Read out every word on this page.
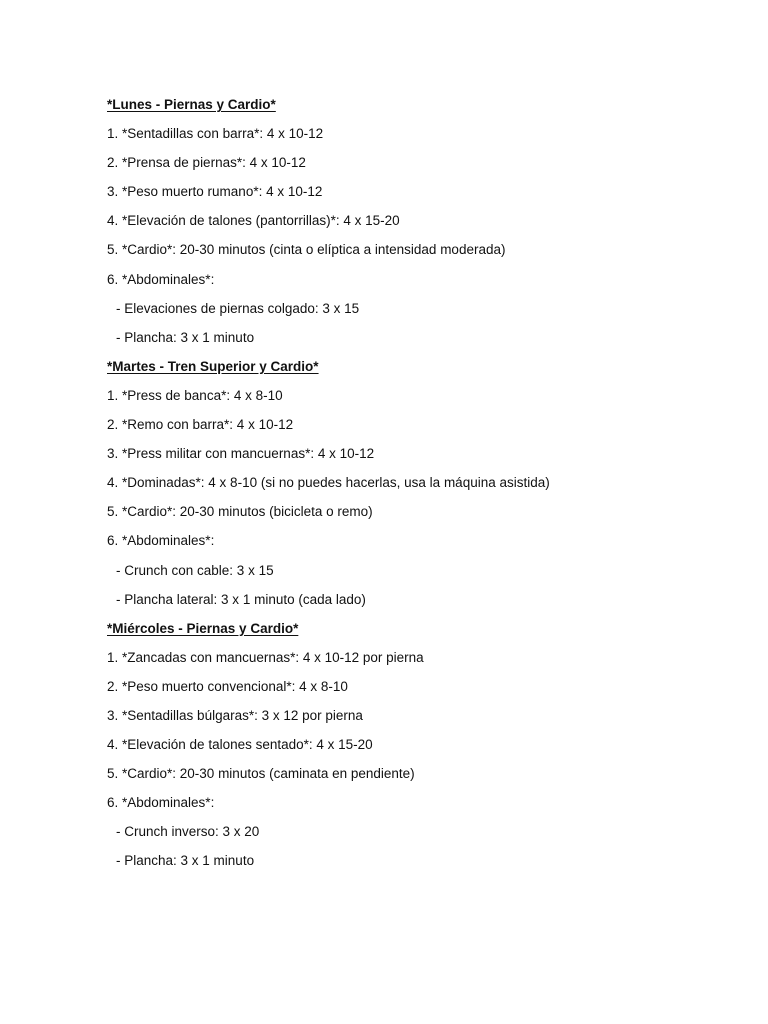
*Lunes - Piernas y Cardio*
1. *Sentadillas con barra*: 4 x 10-12
2. *Prensa de piernas*: 4 x 10-12
3. *Peso muerto rumano*: 4 x 10-12
4. *Elevación de talones (pantorrillas)*: 4 x 15-20
5. *Cardio*: 20-30 minutos (cinta o elíptica a intensidad moderada)
6. *Abdominales*:
- Elevaciones de piernas colgado: 3 x 15
- Plancha: 3 x 1 minuto
*Martes - Tren Superior y Cardio*
1. *Press de banca*: 4 x 8-10
2. *Remo con barra*: 4 x 10-12
3. *Press militar con mancuernas*: 4 x 10-12
4. *Dominadas*: 4 x 8-10 (si no puedes hacerlas, usa la máquina asistida)
5. *Cardio*: 20-30 minutos (bicicleta o remo)
6. *Abdominales*:
- Crunch con cable: 3 x 15
- Plancha lateral: 3 x 1 minuto (cada lado)
*Miércoles - Piernas y Cardio*
1. *Zancadas con mancuernas*: 4 x 10-12 por pierna
2. *Peso muerto convencional*: 4 x 8-10
3. *Sentadillas búlgaras*: 3 x 12 por pierna
4. *Elevación de talones sentado*: 4 x 15-20
5. *Cardio*: 20-30 minutos (caminata en pendiente)
6. *Abdominales*:
- Crunch inverso: 3 x 20
- Plancha: 3 x 1 minuto
